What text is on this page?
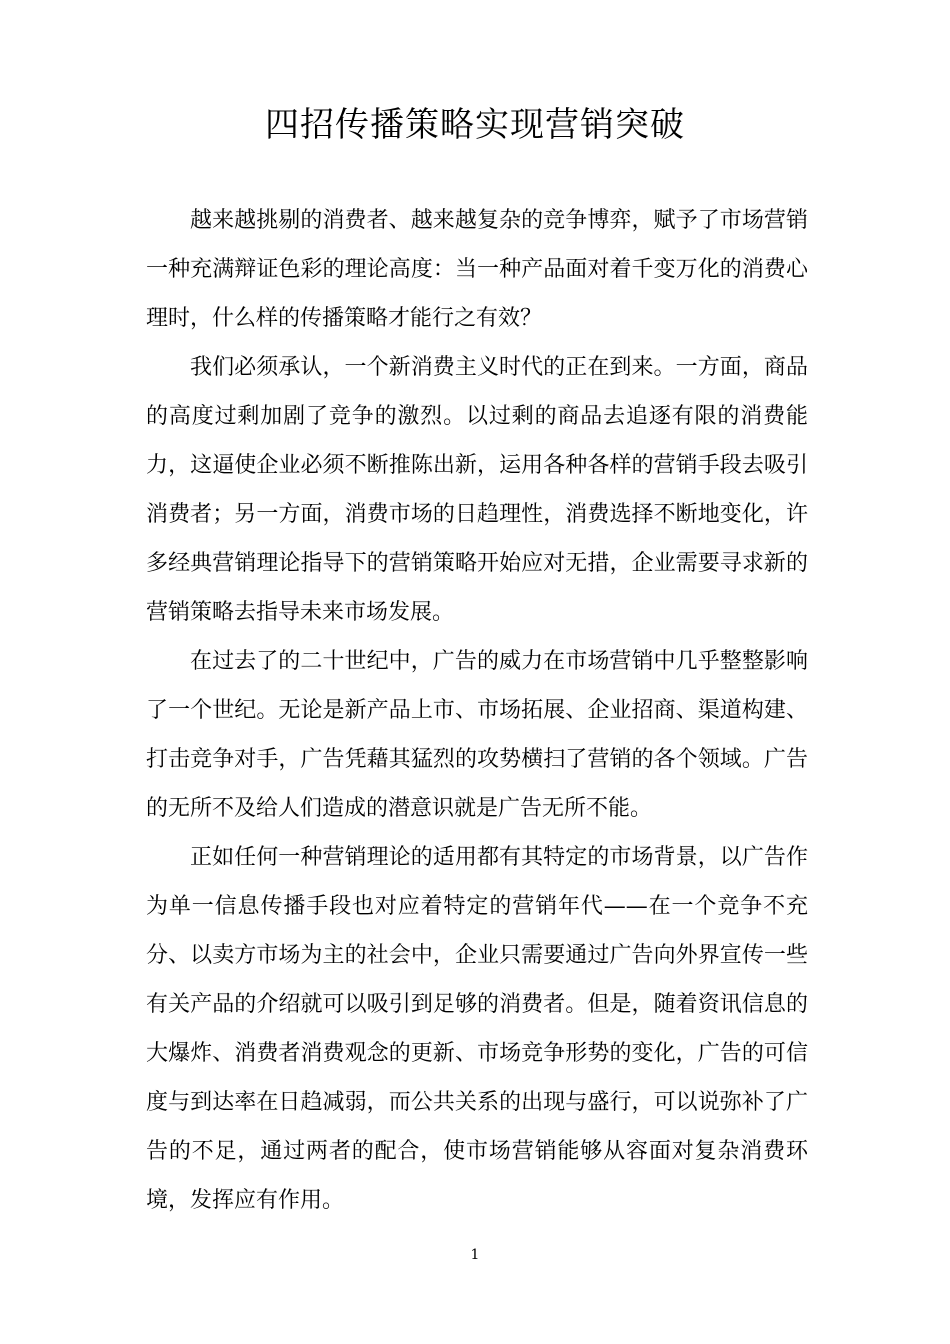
四招传播策略实现营销突破

越来越挑剔的消费者、越来越复杂的竞争博弈，赋予了市场营销一种充满辩证色彩的理论高度：当一种产品面对着千变万化的消费心理时，什么样的传播策略才能行之有效？

我们必须承认，一个新消费主义时代的正在到来。一方面，商品的高度过剩加剧了竞争的激烈。以过剩的商品去追逐有限的消费能力，这逼使企业必须不断推陈出新，运用各种各样的营销手段去吸引消费者；另一方面，消费市场的日趋理性，消费选择不断地变化，许多经典营销理论指导下的营销策略开始应对无措，企业需要寻求新的营销策略去指导未来市场发展。

在过去了的二十世纪中，广告的威力在市场营销中几乎整整影响了一个世纪。无论是新产品上市、市场拓展、企业招商、渠道构建、打击竞争对手，广告凭藉其猛烈的攻势横扫了营销的各个领域。广告的无所不及给人们造成的潜意识就是广告无所不能。

正如任何一种营销理论的适用都有其特定的市场背景，以广告作为单一信息传播手段也对应着特定的营销年代——在一个竞争不充分、以卖方市场为主的社会中，企业只需要通过广告向外界宣传一些有关产品的介绍就可以吸引到足够的消费者。但是，随着资讯信息的大爆炸、消费者消费观念的更新、市场竞争形势的变化，广告的可信度与到达率在日趋减弱，而公共关系的出现与盛行，可以说弥补了广告的不足，通过两者的配合，使市场营销能够从容面对复杂消费环境，发挥应有作用。

1
